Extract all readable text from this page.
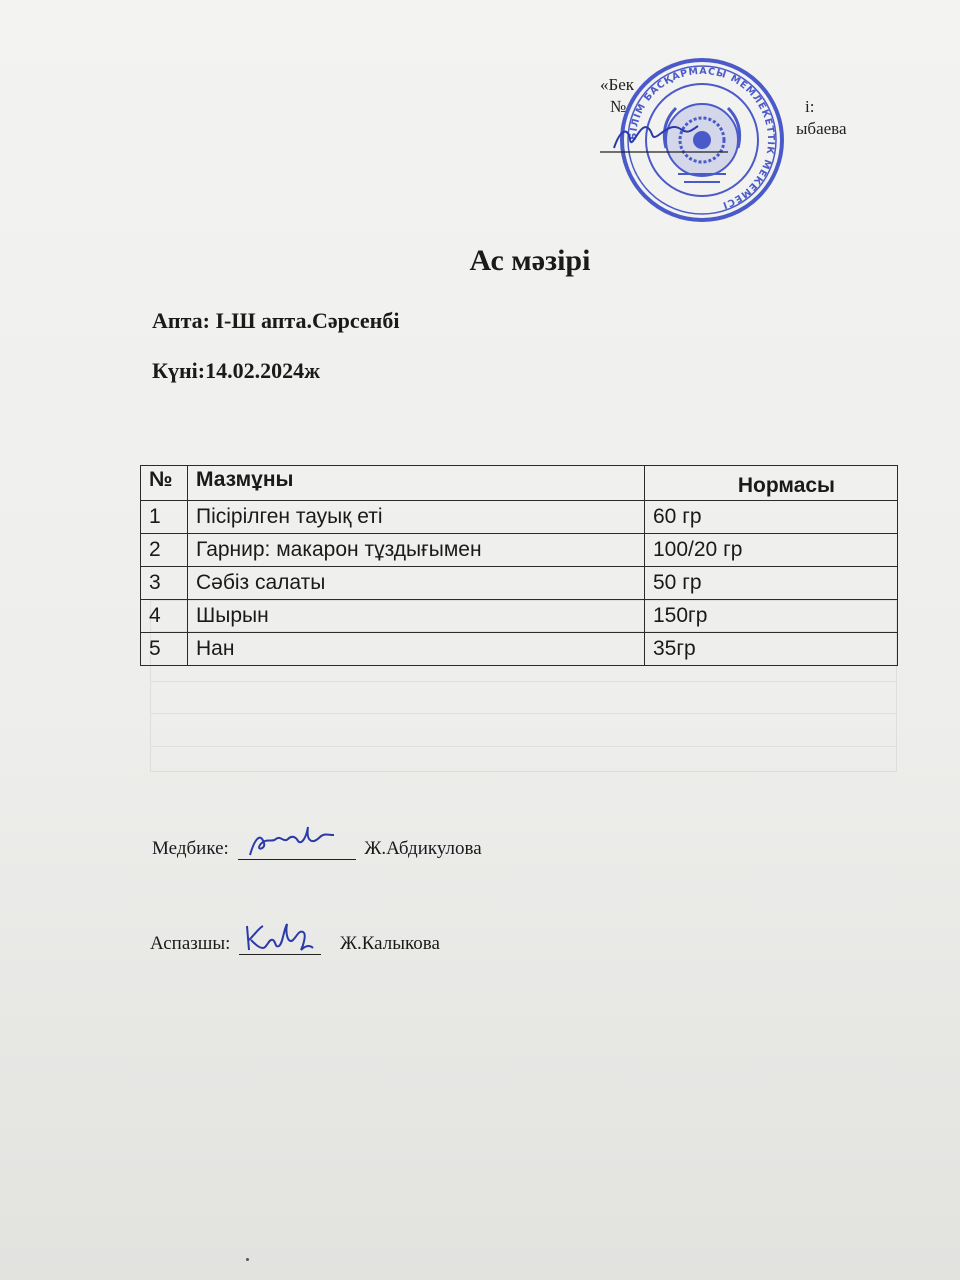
«Бек
№	і:
ыбаева
БІЛІМ БАСҚАРМАСЫ МЕМЛЕКЕТТІК МЕКЕМЕСІ
Ас мәзірі

Апта: І-Ш апта.Сәрсенбі

Күні:14.02.2024ж

№	Мазмұны	Нормасы
1	Пісірілген тауық еті	60 гр
2	Гарнир: макарон тұздығымен	100/20 гр
3	Сәбіз салаты	50 гр
4	Шырын	150гр
5	Нан	35гр
Медбике:	Ж.Абдикулова
Аспазшы:	Ж.Калыкова
